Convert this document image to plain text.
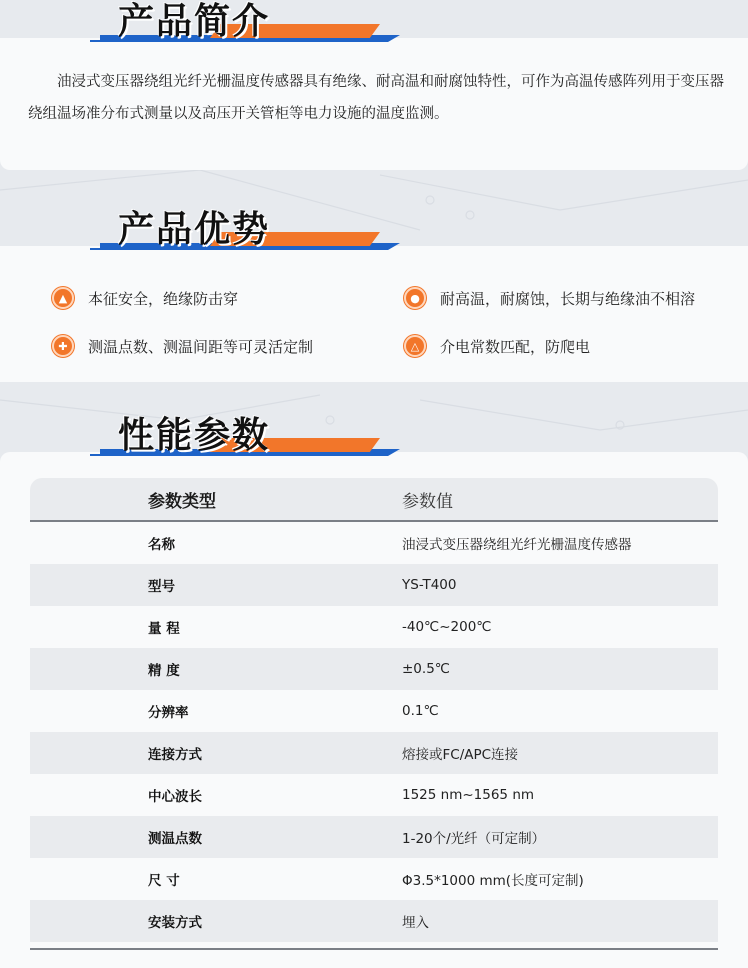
产品简介

油浸式变压器绕组光纤光栅温度传感器具有绝缘、耐高温和耐腐蚀特性，可作为高温传感阵列用于变压器绕组温场准分布式测量以及高压开关管柜等电力设施的温度监测。

产品优势
▲	本征安全，绝缘防击穿	●	耐高温，耐腐蚀，长期与绝缘油不相溶
✚	测温点数、测温间距等可灵活定制	△	介电常数匹配，防爬电
性能参数
参数类型	参数值
名称	油浸式变压器绕组光纤光栅温度传感器
型号	YS-T400
量 程	-40℃~200℃
精 度	±0.5℃
分辨率	0.1℃
连接方式	熔接或FC/APC连接
中心波长	1525 nm~1565 nm
测温点数	1-20个/光纤（可定制）
尺 寸	Φ3.5*1000 mm(长度可定制)
安装方式	埋入
